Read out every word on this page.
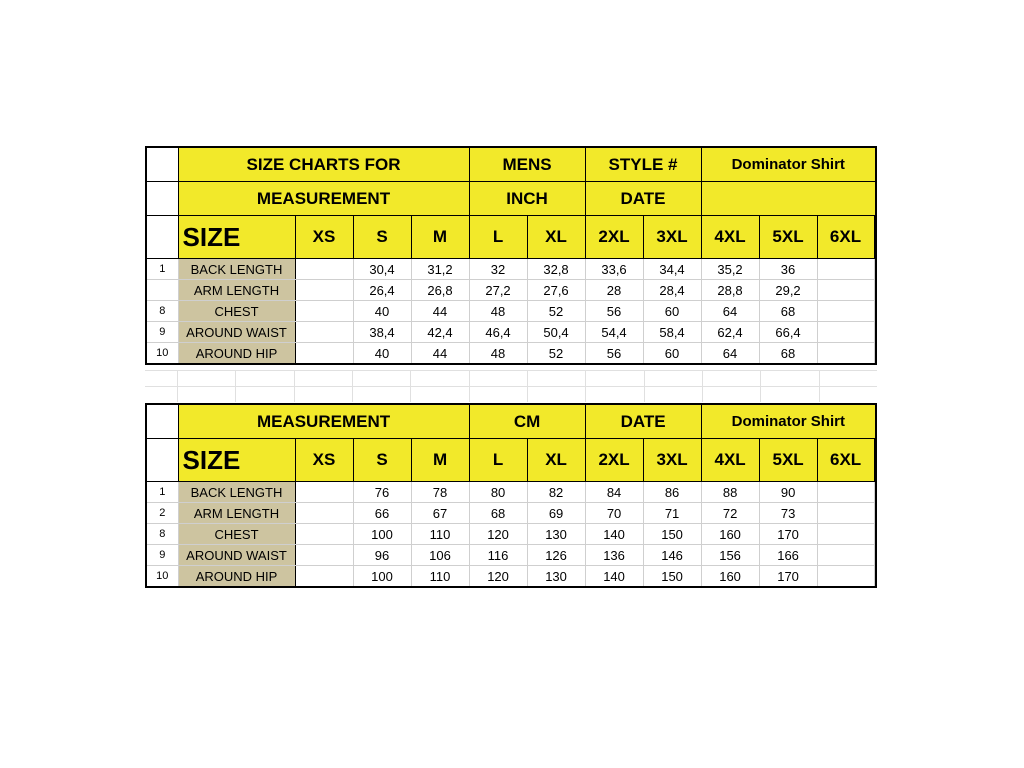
	SIZE CHARTS FOR				MENS		STYLE #		Dominator Shirt		
	MEASUREMENT				INCH		DATE				
	SIZE	XS	S	M	L	XL	2XL	3XL	4XL	5XL	6XL
1	BACK LENGTH		30,4	31,2	32	32,8	33,6	34,4	35,2	36	
	ARM LENGTH		26,4	26,8	27,2	27,6	28	28,4	28,8	29,2	
8	CHEST		40	44	48	52	56	60	64	68	
9	AROUND WAIST		38,4	42,4	46,4	50,4	54,4	58,4	62,4	66,4	
10	AROUND HIP		40	44	48	52	56	60	64	68	
	MEASUREMENT				CM		DATE		Dominator Shirt		
	SIZE	XS	S	M	L	XL	2XL	3XL	4XL	5XL	6XL
1	BACK LENGTH		76	78	80	82	84	86	88	90	
2	ARM LENGTH		66	67	68	69	70	71	72	73	
8	CHEST		100	110	120	130	140	150	160	170	
9	AROUND WAIST		96	106	116	126	136	146	156	166	
10	AROUND HIP		100	110	120	130	140	150	160	170	
